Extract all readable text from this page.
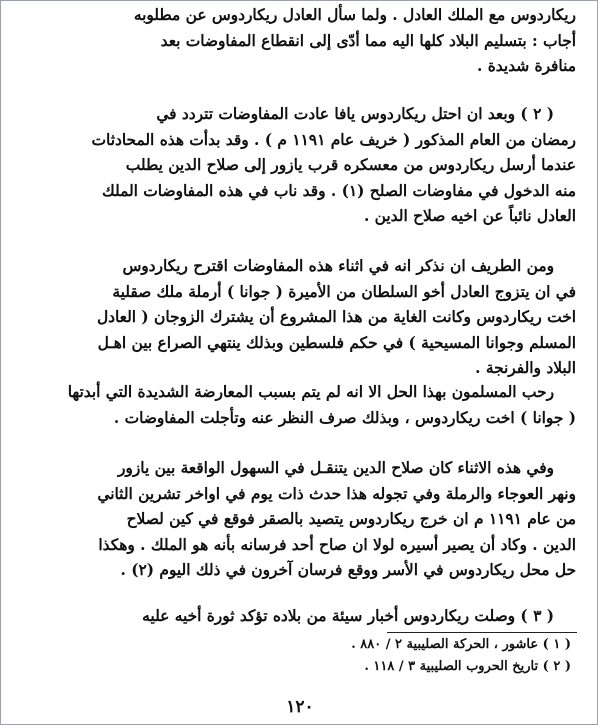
ريكاردوس مع الملك العادل . ولما سأل العادل ريكاردوس عن مطلوبه
أجاب : بتسليم البلاد كلها اليه مما أدّى إلى انقطاع المفاوضات بعد
منافرة شديدة .
( ٢ ) وبعد ان احتل ريكاردوس يافا عادت المفاوضات تتردد في
رمضان من العام المذكور ( خريف عام ١١٩١ م ) . وقد بدأت هذه المحادثات
عندما أرسل ريكاردوس من معسكره قرب يازور إلى صلاح الدين يطلب
منه الدخول في مفاوضات الصلح (١) . وقد ناب في هذه المفاوضات الملك
العادل نائباً عن اخيه صلاح الدين .
ومن الطريف ان نذكر انه في اثناء هذه المفاوضات اقترح ريكاردوس
في ان يتزوج العادل أخو السلطان من الأميرة ( جوانا ) أرملة ملك صقلية
اخت ريكاردوس وكانت الغاية من هذا المشروع أن يشترك الزوجان ( العادل
المسلم وجوانا المسيحية ) في حكم فلسطين وبذلك ينتهي الصراع بين اهـل
البلاد والفرنجة .
رحب المسلمون بهذا الحل الا انه لم يتم بسبب المعارضة الشديدة التي أبدتها
( جوانا ) اخت ريكاردوس ، وبذلك صرف النظر عنه وتأجلت المفاوضات .
وفي هذه الاثناء كان صلاح الدين يتنقـل في السهول الواقعة بين يازور
ونهر العوجاء والرملة وفي تجوله هذا حدث ذات يوم في اواخر تشرين الثاني
من عام ١١٩١ م ان خرج ريكاردوس يتصيد بالصقر فوقع في كين لصلاح
الدين . وكاد أن يصير أسيره لولا ان صاح أحد فرسانه بأنه هو الملك . وهكذا
حل محل ريكاردوس في الأسر ووقع فرسان آخرون في ذلك اليوم (٢) .
( ٣ ) وصلت ريكاردوس أخبار سيئة من بلاده تؤكد ثورة أخيه عليه
( ١ ) عاشور ، الحركة الصليبية ٢ / ٨٨٠ .
( ٢ ) تاريخ الحروب الصليبية ٣ / ١١٨ .
١٢٠
